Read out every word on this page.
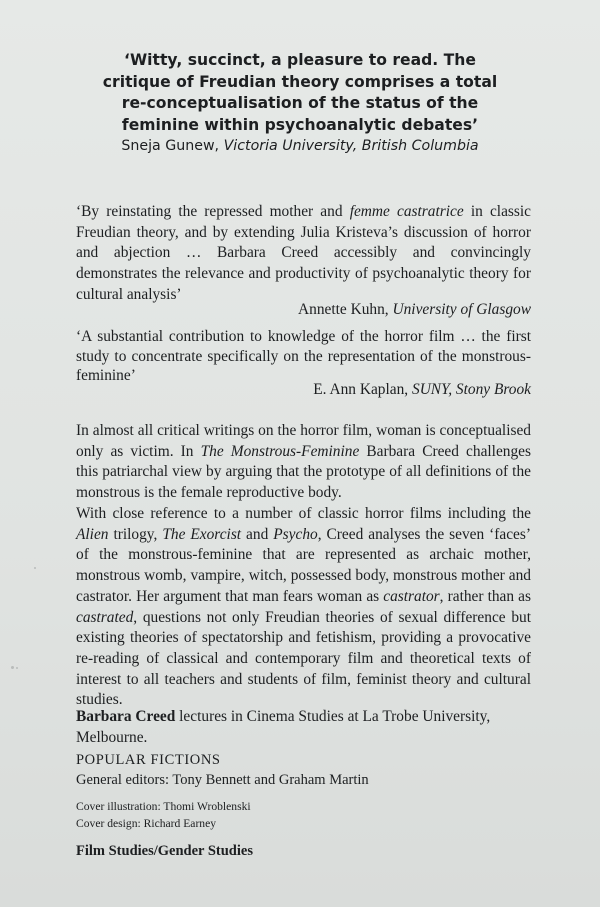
‘Witty, succinct, a pleasure to read. The
critique of Freudian theory comprises a total
re-conceptualisation of the status of the
feminine within psychoanalytic debates’

Sneja Gunew, Victoria University, British Columbia

‘By reinstating the repressed mother and femme castratrice in classic Freudian theory, and by extending Julia Kristeva’s discussion of horror and abjection … Barbara Creed accessibly and convincingly demonstrates the relevance and productivity of psychoanalytic theory for cultural analysis’

Annette Kuhn, University of Glasgow

‘A substantial contribution to knowledge of the horror film … the first study to concentrate specifically on the representation of the monstrous-feminine’

E. Ann Kaplan, SUNY, Stony Brook

In almost all critical writings on the horror film, woman is conceptualised only as victim. In The Monstrous-Feminine Barbara Creed challenges this patriarchal view by arguing that the prototype of all definitions of the monstrous is the female reproductive body.

With close reference to a number of classic horror films including the Alien trilogy, The Exorcist and Psycho, Creed analyses the seven ‘faces’ of the monstrous-feminine that are represented as archaic mother, monstrous womb, vampire, witch, possessed body, monstrous mother and castrator. Her argument that man fears woman as castrator, rather than as castrated, questions not only Freudian theories of sexual difference but existing theories of spectatorship and fetishism, providing a provocative re-reading of classical and contemporary film and theoretical texts of interest to all teachers and students of film, feminist theory and cultural studies.

Barbara Creed lectures in Cinema Studies at La Trobe University, Melbourne.

POPULAR FICTIONS

General editors: Tony Bennett and Graham Martin

Cover illustration: Thomi Wroblenski
Cover design: Richard Earney

Film Studies/Gender Studies
